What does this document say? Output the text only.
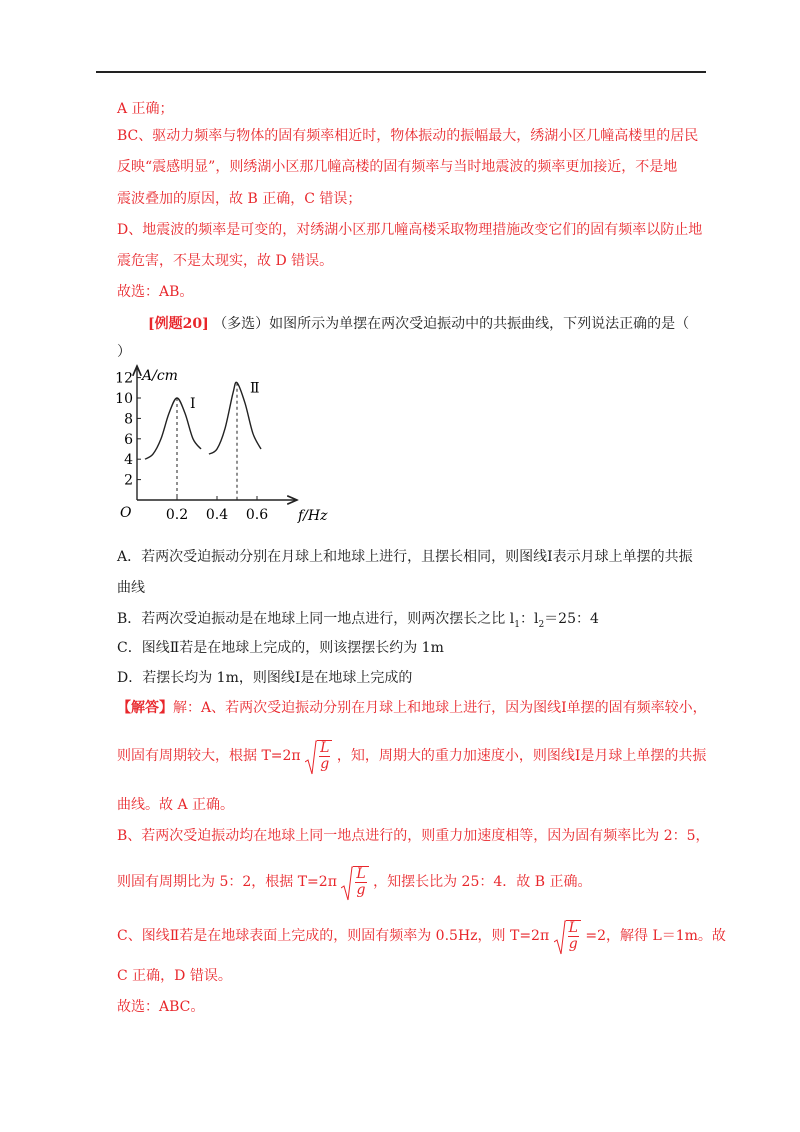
A 正确；
BC、驱动力频率与物体的固有频率相近时，物体振动的振幅最大，绣湖小区几幢高楼里的居民
反映“震感明显”，则绣湖小区那几幢高楼的固有频率与当时地震波的频率更加接近，不是地
震波叠加的原因，故 B 正确，C 错误；
D、地震波的频率是可变的，对绣湖小区那几幢高楼采取物理措施改变它们的固有频率以防止地
震危害，不是太现实，故 D 错误。
故选：AB。
[例题20] （多选）如图所示为单摆在两次受迫振动中的共振曲线，下列说法正确的是（
）
A/cm
f/Hz
O
2
4
6
8
10
12
0.2 0.4 0.6
Ⅰ
Ⅱ
A．若两次受迫振动分别在月球上和地球上进行，且摆长相同，则图线Ⅰ表示月球上单摆的共振
曲线
B．若两次受迫振动是在地球上同一地点进行，则两次摆长之比 $l_1$：$l_2=25$：4
C．图线Ⅱ若是在地球上完成的，则该摆摆长约为 1m
D．若摆长均为 1m，则图线Ⅰ是在地球上完成的
【解答】解：A、若两次受迫振动分别在月球上和地球上进行，因为图线Ⅰ单摆的固有频率较小，
则固有周期较大，根据 $T=2\pi \frac{L}{g}$ ，知，周期大的重力加速度小，则图线Ⅰ是月球上单摆的共振
曲线。故 A 正确。
B、若两次受迫振动均在地球上同一地点进行的，则重力加速度相等，因为固有频率比为 2：5，
则固有周期比为 5：2，根据 $T=2\pi \frac{L}{g}$ ，知摆长比为 25：4．故 B 正确。
C、图线Ⅱ若是在地球表面上完成的，则固有频率为 0.5Hz，则 $T=2\pi \frac{L}{g} =2$，解得 L＝1m。故
C 正确，D 错误。
故选：ABC。
